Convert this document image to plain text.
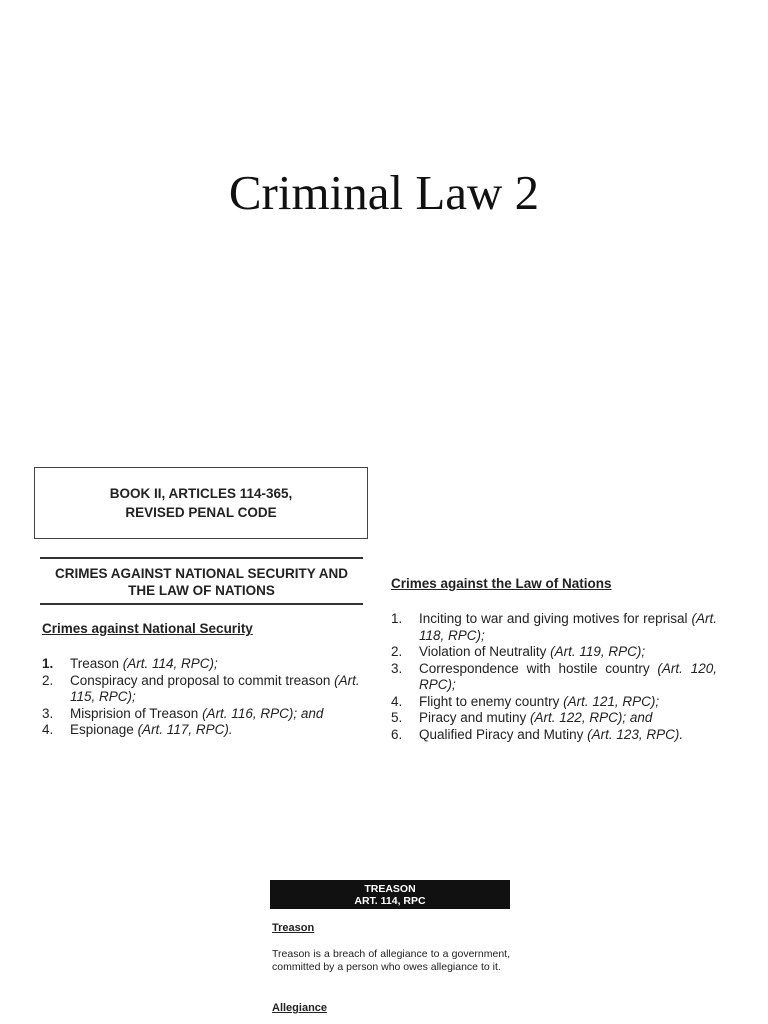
Criminal Law 2
BOOK II, ARTICLES 114-365,
REVISED PENAL CODE
CRIMES AGAINST NATIONAL SECURITY AND
THE LAW OF NATIONS
Crimes against National Security
1. Treason (Art. 114, RPC);
2. Conspiracy and proposal to commit treason (Art. 115, RPC);
3. Misprision of Treason (Art. 116, RPC); and
4. Espionage (Art. 117, RPC).
Crimes against the Law of Nations
1. Inciting to war and giving motives for reprisal (Art. 118, RPC);
2. Violation of Neutrality (Art. 119, RPC);
3. Correspondence with hostile country (Art. 120, RPC);
4. Flight to enemy country (Art. 121, RPC);
5. Piracy and mutiny (Art. 122, RPC); and
6. Qualified Piracy and Mutiny (Art. 123, RPC).
TREASON
ART. 114, RPC
Treason
Treason is a breach of allegiance to a government, committed by a person who owes allegiance to it.
Allegiance
